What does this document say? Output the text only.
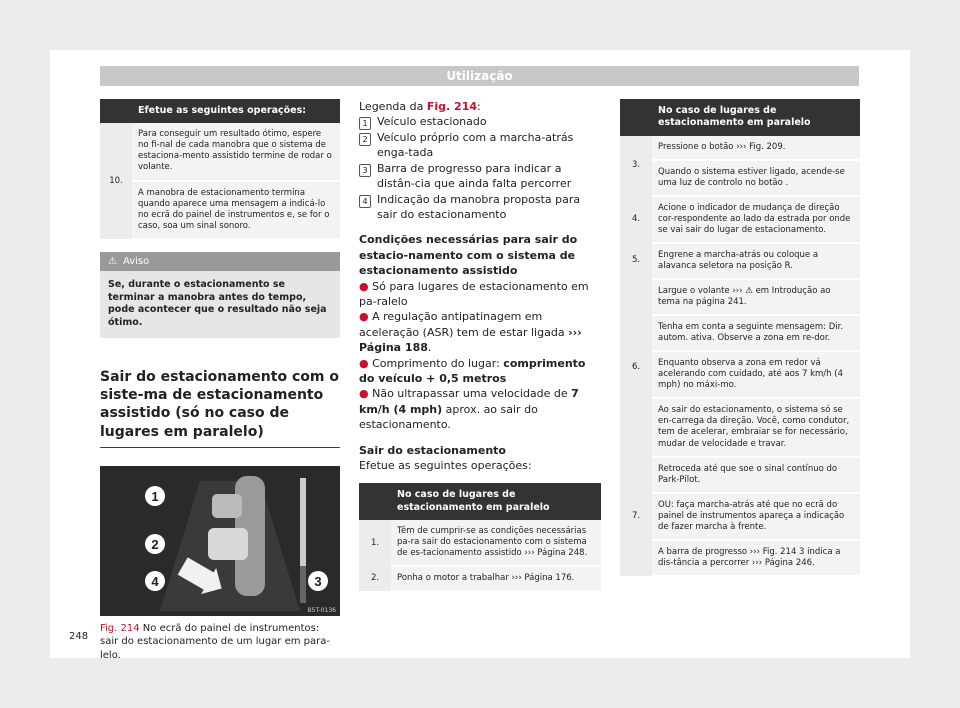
Utilização
	Efetue as seguintes operações:
10.	Para conseguir um resultado ótimo, espere no fi-nal de cada manobra que o sistema de estaciona-mento assistido termine de rodar o volante.
	A manobra de estacionamento termina quando aparece uma mensagem a indicá-lo no ecrã do painel de instrumentos e, se for o caso, soa um sinal sonoro.
⚠ Aviso
Se, durante o estacionamento se terminar a manobra antes do tempo, pode acontecer que o resultado não seja ótimo.
Sair do estacionamento com o siste-ma de estacionamento assistido (só no caso de lugares em paralelo)
1
2
3
4
B5T-0136
Fig. 214 No ecrã do painel de instrumentos: sair do estacionamento de um lugar em para-lelo.

Legenda da Fig. 214:

1 Veículo estacionado
2 Veículo próprio com a marcha-atrás enga-tada
3 Barra de progresso para indicar a distân-cia que ainda falta percorrer
4 Indicação da manobra proposta para sair do estacionamento

Condições necessárias para sair do estacio-namento com o sistema de estacionamento assistido

● Só para lugares de estacionamento em pa-ralelo

● A regulação antipatinagem em aceleração (ASR) tem de estar ligada ››› Página 188.

● Comprimento do lugar: comprimento do veículo + 0,5 metros

● Não ultrapassar uma velocidade de 7 km/h (4 mph) aprox. ao sair do estacionamento.

Sair do estacionamento

Efetue as seguintes operações:

	No caso de lugares de estacionamento em paralelo
1.	Têm de cumprir-se as condições necessárias pa-ra sair do estacionamento com o sistema de es-tacionamento assistido ››› Página 248.
2.	Ponha o motor a trabalhar ››› Página 176.
	No caso de lugares de estacionamento em paralelo
3.	Pressione o botão ››› Fig. 209.
	Quando o sistema estiver ligado, acende-se uma luz de controlo no botão .
4.	Acione o indicador de mudança de direção cor-respondente ao lado da estrada por onde se vai sair do lugar de estacionamento.
5.	Engrene a marcha-atrás ou coloque a alavanca seletora na posição R.
6.	Largue o volante ››› ⚠ em Introdução ao tema na página 241.
	Tenha em conta a seguinte mensagem: Dir. autom. ativa. Observe a zona em re-dor.
	Enquanto observa a zona em redor vá acelerando com cuidado, até aos 7 km/h (4 mph) no máxi-mo.
	Ao sair do estacionamento, o sistema só se en-carrega da direção. Você, como condutor, tem de acelerar, embraiar se for necessário, mudar de velocidade e travar.
7.	Retroceda até que soe o sinal contínuo do Park-Pilot.
	OU: faça marcha-atrás até que no ecrã do painel de instrumentos apareça a indicação de fazer marcha à frente.
	A barra de progresso ››› Fig. 214 3 indica a dis-tância a percorrer ››› Página 246.
248
